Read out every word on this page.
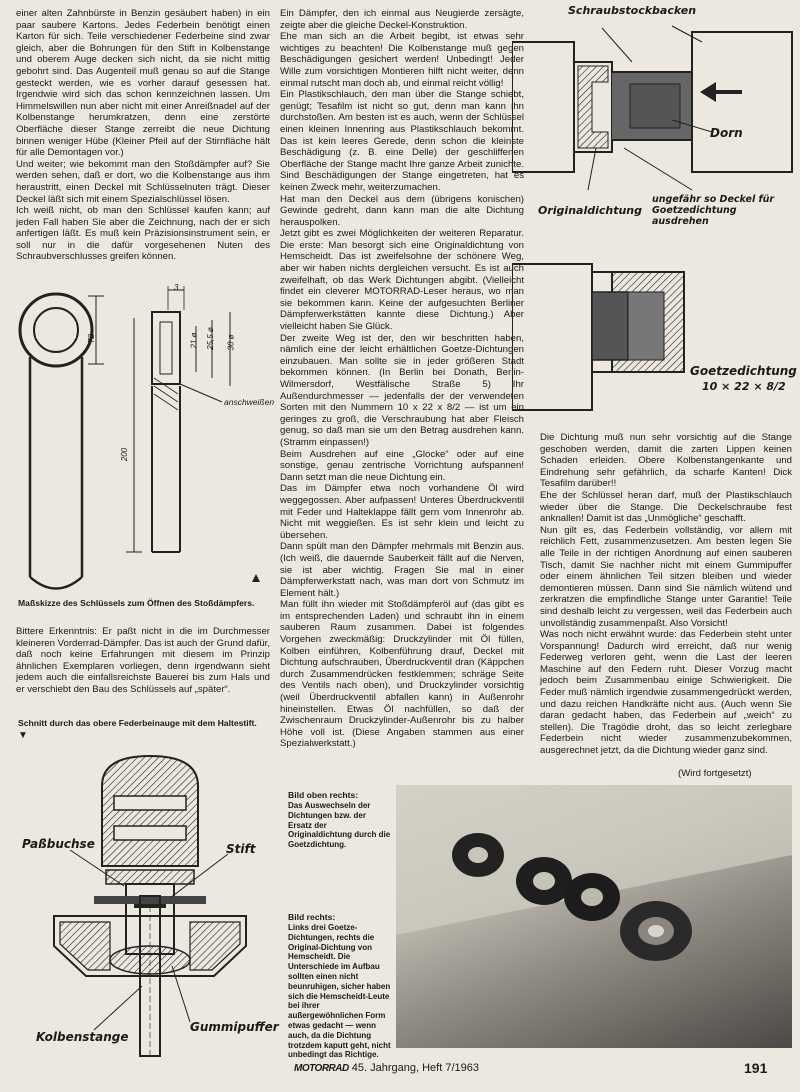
einer alten Zahnbürste in Benzin gesäubert haben) in ein paar saubere Kartons. Jedes Federbein benötigt einen Karton für sich. Teile verschiedener Federbeine sind zwar gleich, aber die Bohrungen für den Stift in Kolbenstange und oberem Auge decken sich nicht, da sie nicht mittig gebohrt sind. Das Augenteil muß genau so auf die Stange gesteckt werden, wie es vorher darauf gesessen hat. Irgendwie wird sich das schon kennzeichnen lassen. Um Himmelswillen nun aber nicht mit einer Anreißnadel auf der Kolbenstange herumkratzen, denn eine zerstörte Oberfläche dieser Stange zerreibt die neue Dichtung binnen weniger Hübe (Kleiner Pfeil auf der Stirnfläche hält für alle Demontagen vor.)

Und weiter; wie bekommt man den Stoßdämpfer auf? Sie werden sehen, daß er dort, wo die Kolbenstange aus ihm heraustritt, einen Deckel mit Schlüsselnuten trägt. Dieser Deckel läßt sich mit einem Spezialschlüssel lösen.

Ich weiß nicht, ob man den Schlüssel kaufen kann; auf jeden Fall haben Sie aber die Zeichnung, nach der er sich anfertigen läßt. Es muß kein Präzisionsinstrument sein, er soll nur in die dafür vorgesehenen Nuten des Schraubverschlusses greifen können.

72	21 ø 25,5 ø 30 ø
200
3
anschweißen
Maßskizze des Schlüssels zum Öffnen des Stoßdämpfers.

Bittere Erkenntnis: Er paßt nicht in die im Durchmesser kleineren Vorderrad-Dämpfer. Das ist auch der Grund dafür, daß noch keine Erfahrungen mit diesem im Prinzip ähnlichen Exemplaren vorliegen, denn irgendwann sieht jedem auch die einfallsreichste Bauerei bis zum Hals und er verschiebt den Bau des Schlüssels auf „später“.

Schnitt durch das obere Federbeinauge mit dem Haltestift.
▼
Paßbuchse	Stift
Gummipuffer
Kolbenstange

Ein Dämpfer, den ich einmal aus Neugierde zersägte, zeigte aber die gleiche Deckel-Konstruktion.

Ehe man sich an die Arbeit begibt, ist etwas sehr wichtiges zu beachten! Die Kolbenstange muß gegen Beschädigungen gesichert werden! Unbedingt! Jeder Wille zum vorsichtigen Montieren hilft nicht weiter, denn einmal rutscht man doch ab, und einmal reicht völlig!

Ein Plastikschlauch, den man über die Stange schiebt, genügt; Tesafilm ist nicht so gut, denn man kann ihn durchstoßen. Am besten ist es auch, wenn der Schlüssel einen kleinen Innenring aus Plastikschlauch bekommt. Das ist kein leeres Gerede, denn schon die kleinste Beschädigung (z. B. eine Delle) der geschliffenen Oberfläche der Stange macht Ihre ganze Arbeit zunichte. Sind Beschädigungen der Stange eingetreten, hat es keinen Zweck mehr, weiterzumachen.

Hat man den Deckel aus dem (übrigens konischen) Gewinde gedreht, dann kann man die alte Dichtung herauspolken.

Jetzt gibt es zwei Möglichkeiten der weiteren Reparatur. Die erste: Man besorgt sich eine Originaldichtung von Hemscheidt. Das ist zweifelsohne der schönere Weg, aber wir haben nichts dergleichen versucht. Es ist auch zweifelhaft, ob das Werk Dichtungen abgibt. (Vielleicht findet ein cleverer MOTORRAD-Leser heraus, wo man sie bekommen kann. Keine der aufgesuchten Berliner Dämpferwerkstätten kannte diese Dichtung.) Aber vielleicht haben Sie Glück.

Der zweite Weg ist der, den wir beschritten haben, nämlich eine der leicht erhältlichen Goetze-Dichtungen einzubauen. Man sollte sie in jeder größeren Stadt bekommen können. (In Berlin bei Donath, Berlin-Wilmersdorf, Westfälische Straße 5) Ihr Außendurchmesser — jedenfalls der der verwendeten Sorten mit den Nummern 10 x 22 x 8/2 — ist um ein geringes zu groß, die Verschraubung hat aber Fleisch genug, so daß man sie um den Betrag ausdrehen kann. (Stramm einpassen!)

Beim Ausdrehen auf eine „Glocke“ oder auf eine sonstige, genau zentrische Vorrichtung aufspannen! Dann setzt man die neue Dichtung ein.

Das im Dämpfer etwa noch vorhandene Öl wird weggegossen. Aber aufpassen! Unteres Überdruckventil mit Feder und Halteklappe fällt gern vom Innenrohr ab. Nicht mit weggießen. Es ist sehr klein und leicht zu übersehen.

Dann spült man den Dämpfer mehrmals mit Benzin aus. (Ich weiß, die dauernde Sauberkeit fällt auf die Nerven, sie ist aber wichtig. Fragen Sie mal in einer Dämpferwerkstatt nach, was man dort von Schmutz im Element hält.)

Man füllt ihn wieder mit Stoßdämpferöl auf (das gibt es im entsprechenden Laden) und schraubt ihn in einem sauberen Raum zusammen. Dabei ist folgendes Vorgehen zweckmäßig: Druckzylinder mit Öl füllen, Kolben einführen, Kolbenführung drauf, Deckel mit Dichtung aufschrauben, Überdruckventil dran (Käppchen durch Zusammendrücken festklemmen; schräge Seite des Ventils nach oben), und Druckzylinder vorsichtig (weil Überdruckventil abfallen kann) in Außenrohr hineinstellen. Etwas Öl nachfüllen, so daß der Zwischenraum Druckzylinder-Außenrohr bis zu halber Höhe voll ist. (Diese Angaben stammen aus einer Spezialwerkstatt.)

Bild oben rechts:
Das Auswechseln der Dichtungen bzw. der Ersatz der Originaldichtung durch die Goetzdichtung.
Bild rechts:
Links drei Goetze-Dichtungen, rechts die Original-Dichtung von Hemscheidt. Die Unterschiede im Aufbau sollten einen nicht beunruhigen, sicher haben sich die Hemscheidt-Leute bei ihrer außergewöhnlichen Form etwas gedacht — wenn auch, da die Dichtung trotzdem kaputt geht, nicht unbedingt das Richtige.
Schraubstockbacken
Dorn
Originaldichtung
ungefähr so Deckel für Goetzedichtung ausdrehen
Goetzedichtung
10 × 22 × 8/2

Die Dichtung muß nun sehr vorsichtig auf die Stange geschoben werden, damit die zarten Lippen keinen Schaden erleiden. Obere Kolbenstangenkante und Eindrehung sehr gefährlich, da scharfe Kanten! Dick Tesafilm darüber!!

Ehe der Schlüssel heran darf, muß der Plastikschlauch wieder über die Stange. Die Deckelschraube fest anknallen! Damit ist das „Unmögliche“ geschafft.

Nun gilt es, das Federbein vollständig, vor allem mit reichlich Fett, zusammenzusetzen. Am besten legen Sie alle Teile in der richtigen Anordnung auf einen sauberen Tisch, damit Sie nachher nicht mit einem Gummipuffer oder einem ähnlichen Teil sitzen bleiben und wieder demontieren müssen. Dann sind Sie nämlich wütend und zerkratzen die empfindliche Stange unter Garantie! Teile sind deshalb leicht zu vergessen, weil das Federbein auch unvollständig zusammenpaßt. Also Vorsicht!

Was noch nicht erwähnt wurde: das Federbein steht unter Vorspannung! Dadurch wird erreicht, daß nur wenig Federweg verloren geht, wenn die Last der leeren Maschine auf den Federn ruht. Dieser Vorzug macht jedoch beim Zusammenbau einige Schwierigkeit. Die Feder muß nämlich irgendwie zusammengedrückt werden, und dazu reichen Handkräfte nicht aus. (Auch wenn Sie daran gedacht haben, das Federbein auf „weich“ zu stellen). Die Tragödie droht, das so leicht zerlegbare Federbein nicht wieder zusammenzubekommen, ausgerechnet jetzt, da die Dichtung wieder ganz sind.

(Wird fortgesetzt)
MOTORRAD 45. Jahrgang, Heft 7/1963	191
